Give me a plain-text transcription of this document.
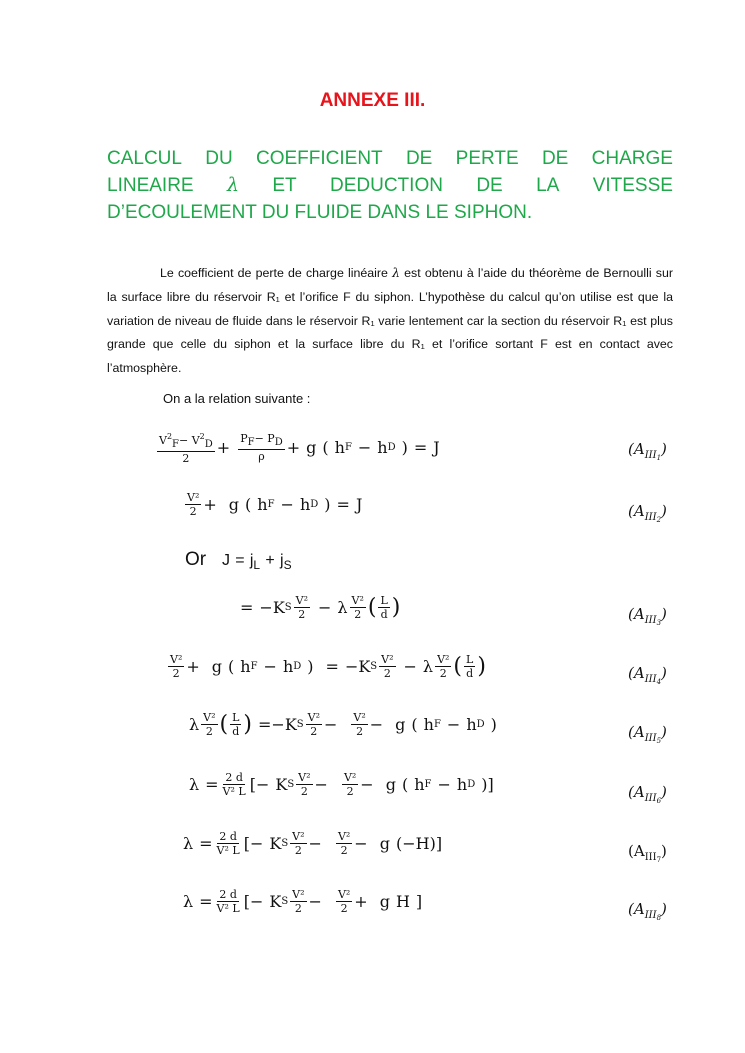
ANNEXE III.
CALCUL DU COEFFICIENT DE PERTE DE CHARGE
LINEAIRE λ ET DEDUCTION DE LA VITESSE
D’ECOULEMENT DU FLUIDE DANS LE SIPHON.
Le coefficient de perte de charge linéaire λ est obtenu à l’aide du théorème de Bernoulli sur la surface libre du réservoir R₁ et l’orifice F du siphon. L’hypothèse du calcul qu’on utilise est que la variation de niveau de fluide dans le réservoir R₁ varie lentement car la section du réservoir R₁ est plus grande que celle du siphon et la surface libre du R₁ et l’orifice sortant F est en contact avec l’atmosphère.
On a la relation suivante :
$\frac{V^2F- V^2D}{2} + \frac{PF- PD}{\rho} + g$ ( h F − h D ) = J	$(A_{III1})$
$\frac{\text{V²}}{2} + g$ ( h F − h D ) = J	$(A_{III2})$
Or $J = j_L + j_S$
= − K S $\frac{\text{V²}}{2} - \lambda \frac{\text{V²}}{2}$ ( $\frac{L}{d}$ )	$(A_{III3})$
$\frac{\text{V²}}{2} + g$ ( h F − h D ) = − K S $\frac{\text{V²}}{2} - \lambda \frac{\text{V²}}{2}$ ( $\frac{L}{d}$ )	$(A_{III4})$
λ $\frac{\text{V²}}{2}$ ( $\frac{L}{d}$ ) = − K S $\frac{\text{V²}}{2} - \frac{\text{V²}}{2} - g$ ( h F − h D )	$(A_{III5})$
$\lambda = \frac{2 d}{\text{V² L}}$ [ − K S $\frac{\text{V²}}{2} - \frac{\text{V²}}{2} - g$ ( h F − h D ) ]	$(A_{III6})$
$\lambda = \frac{2 d}{\text{V² L}}$ [ − K S $\frac{\text{V²}}{2} - \frac{\text{V²}}{2} - g$ ( − H ) ]	$(A_{III7})$
$\lambda = \frac{2 d}{\text{V² L}}$ [ − K S $\frac{\text{V²}}{2} - \frac{\text{V²}}{2} + g$ H ]	$(A_{III8})$
